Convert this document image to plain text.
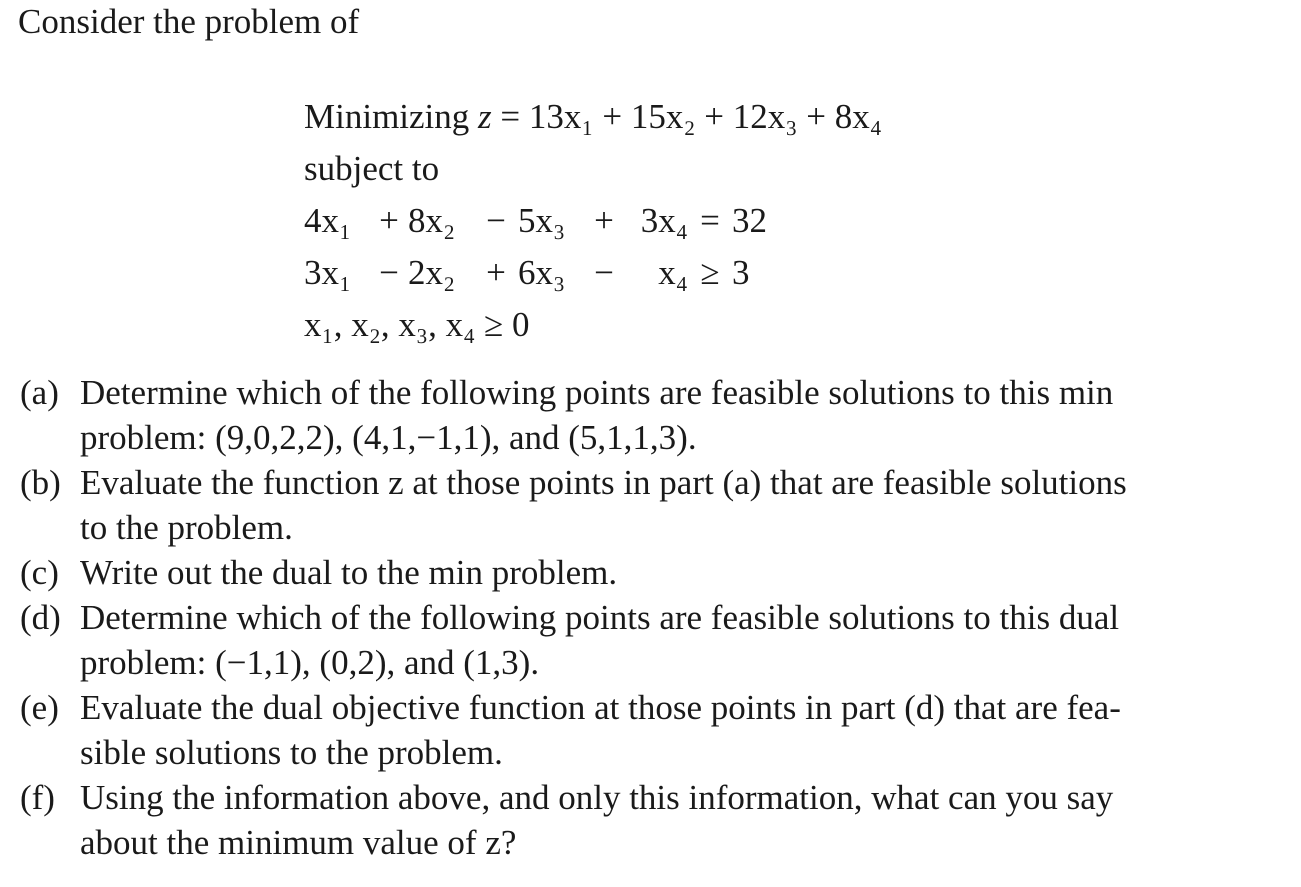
Consider the problem of
Minimizing z = 13x₁ + 15x₂ + 12x₃ + 8x₄
subject to
4x₁ + 8x₂ − 5x₃ + 3x₄ = 32
3x₁ − 2x₂ + 6x₃ −	x₄ ≥ 3
x₁, x₂, x₃, x₄ ≥ 0
(a) Determine which of the following points are feasible solutions to this min
problem: (9,0,2,2), (4,1,−1,1), and (5,1,1,3).
(b) Evaluate the function z at those points in part (a) that are feasible solutions
to the problem.
(c) Write out the dual to the min problem.
(d) Determine which of the following points are feasible solutions to this dual
problem: (−1,1), (0,2), and (1,3).
(e) Evaluate the dual objective function at those points in part (d) that are fea-
sible solutions to the problem.
(f) Using the information above, and only this information, what can you say
about the minimum value of z?
